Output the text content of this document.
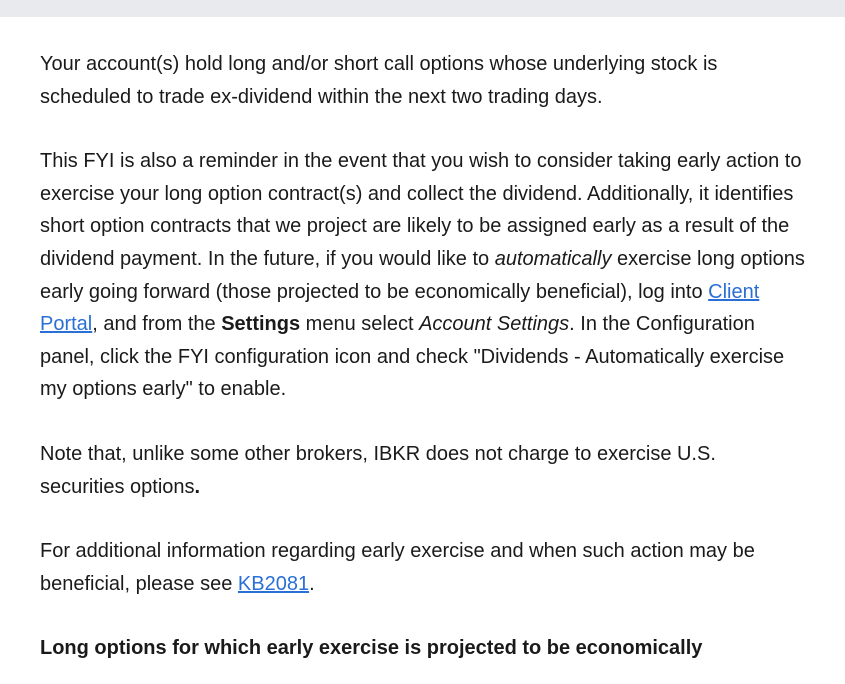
Your account(s) hold long and/or short call options whose underlying stock is scheduled to trade ex-dividend within the next two trading days.

This FYI is also a reminder in the event that you wish to consider taking early action to exercise your long option contract(s) and collect the dividend. Additionally, it identifies short option contracts that we project are likely to be assigned early as a result of the dividend payment. In the future, if you would like to automatically exercise long options early going forward (those projected to be economically beneficial), log into Client Portal, and from the Settings menu select Account Settings. In the Configuration panel, click the FYI configuration icon and check "Dividends - Automatically exercise my options early" to enable.

Note that, unlike some other brokers, IBKR does not charge to exercise U.S. securities options.

For additional information regarding early exercise and when such action may be beneficial, please see KB2081.

Long options for which early exercise is projected to be economically
